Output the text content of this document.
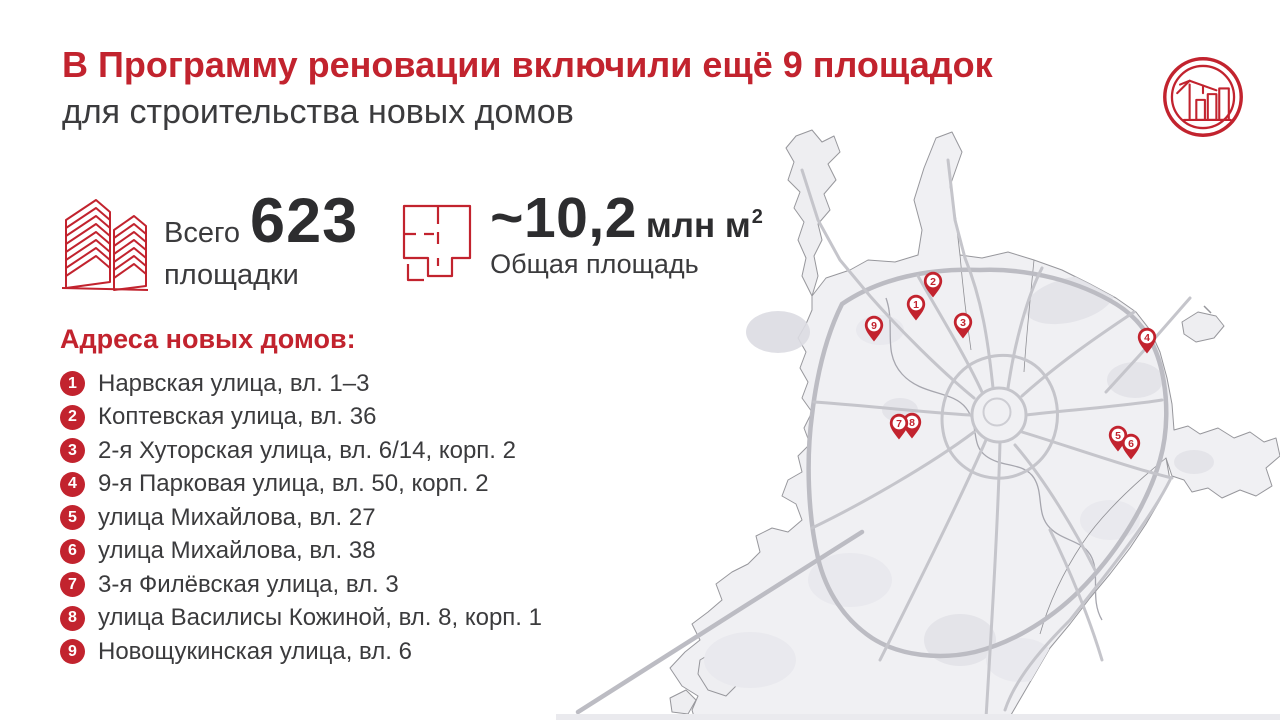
9
2
1
3
4
8
7
5
6
В Программу реновации включили ещё 9 площадок
для строительства новых домов
Всего 623
площадки
~10,2 млн $м^2$
Общая площадь
Адреса новых домов:
1 Нарвская улица, вл. 1–3
2 Коптевская улица, вл. 36
3 2-я Хуторская улица, вл. 6/14, корп. 2
4 9-я Парковая улица, вл. 50, корп. 2
5 улица Михайлова, вл. 27
6 улица Михайлова, вл. 38
7 3-я Филёвская улица, вл. 3
8 улица Василисы Кожиной, вл. 8, корп. 1
9 Новощукинская улица, вл. 6
